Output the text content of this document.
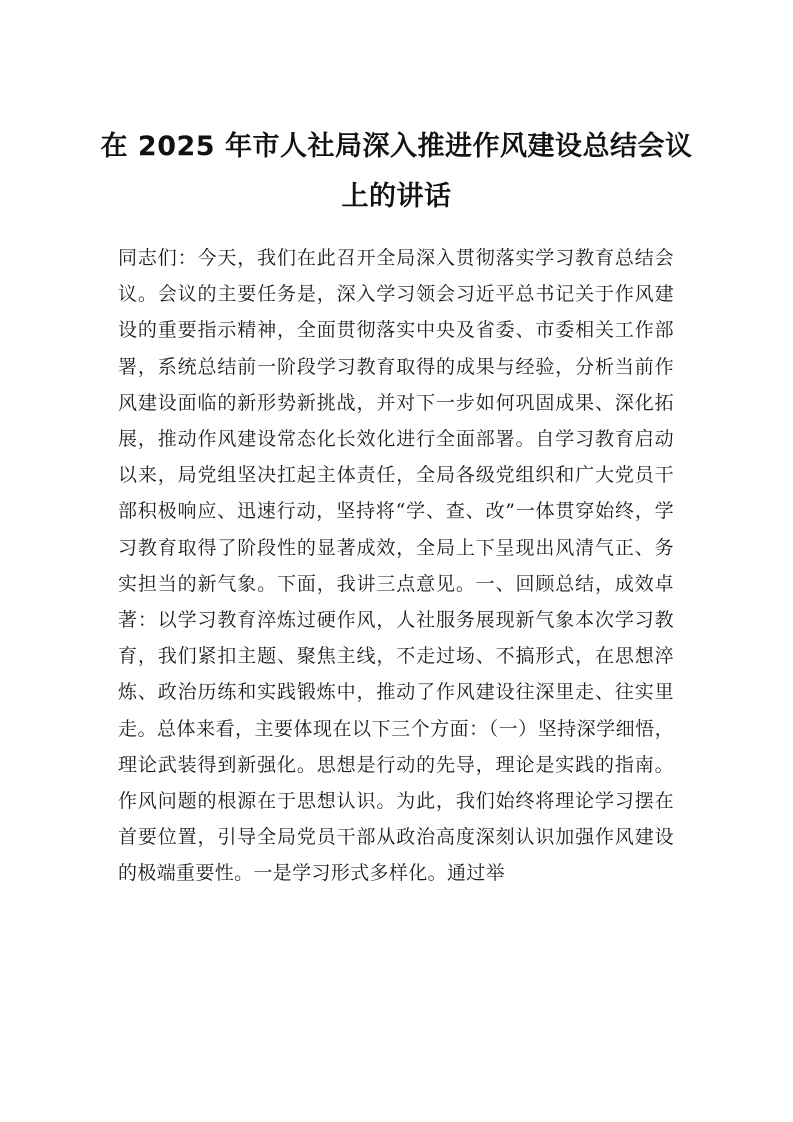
在 2025 年市人社局深入推进作风建设总结会议上的讲话

同志们：今天，我们在此召开全局深入贯彻落实学习教育总结会议。会议的主要任务是，深入学习领会习近平总书记关于作风建设的重要指示精神，全面贯彻落实中央及省委、市委相关工作部署，系统总结前一阶段学习教育取得的成果与经验，分析当前作风建设面临的新形势新挑战，并对下一步如何巩固成果、深化拓展，推动作风建设常态化长效化进行全面部署。自学习教育启动以来，局党组坚决扛起主体责任，全局各级党组织和广大党员干部积极响应、迅速行动，坚持将“学、查、改”一体贯穿始终，学习教育取得了阶段性的显著成效，全局上下呈现出风清气正、务实担当的新气象。下面，我讲三点意见。一、回顾总结，成效卓著：以学习教育淬炼过硬作风，人社服务展现新气象本次学习教育，我们紧扣主题、聚焦主线，不走过场、不搞形式，在思想淬炼、政治历练和实践锻炼中，推动了作风建设往深里走、往实里走。总体来看，主要体现在以下三个方面：（一）坚持深学细悟，理论武装得到新强化。思想是行动的先导，理论是实践的指南。作风问题的根源在于思想认识。为此，我们始终将理论学习摆在首要位置，引导全局党员干部从政治高度深刻认识加强作风建设的极端重要性。一是学习形式多样化。通过举
